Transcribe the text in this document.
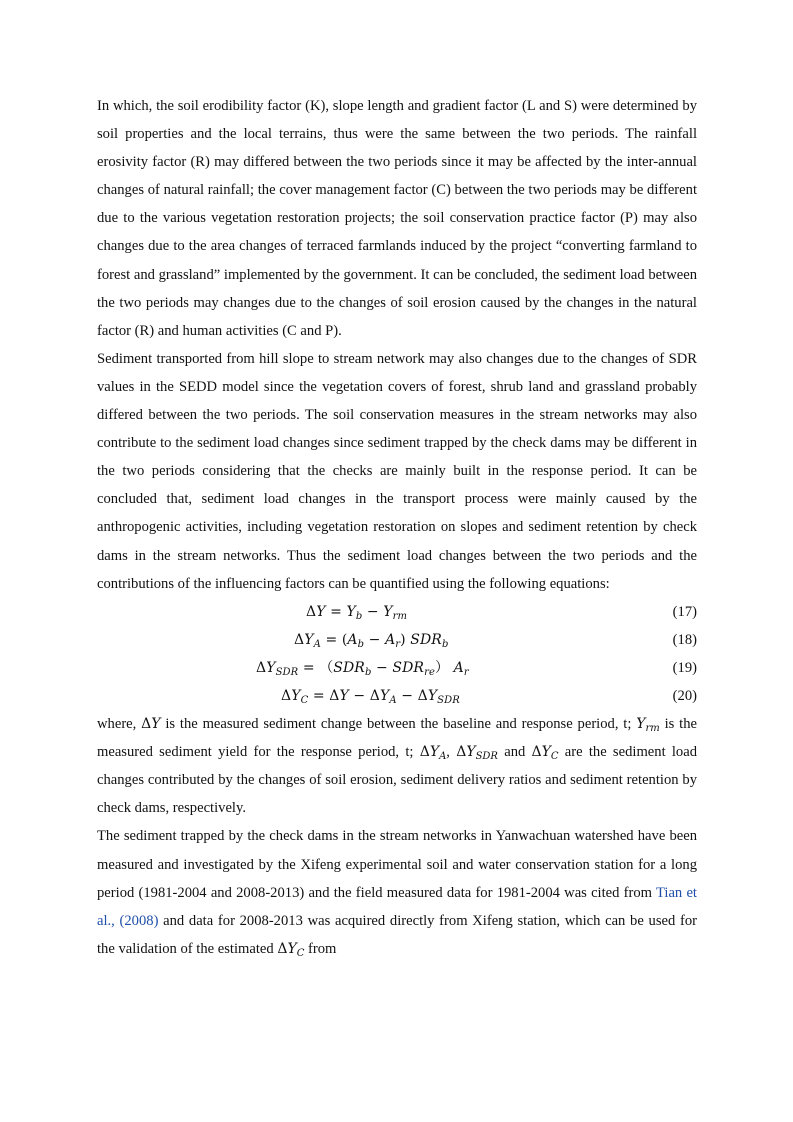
In which, the soil erodibility factor (K), slope length and gradient factor (L and S) were determined by soil properties and the local terrains, thus were the same between the two periods. The rainfall erosivity factor (R) may differed between the two periods since it may be affected by the inter-annual changes of natural rainfall; the cover management factor (C) between the two periods may be different due to the various vegetation restoration projects; the soil conservation practice factor (P) may also changes due to the area changes of terraced farmlands induced by the project “converting farmland to forest and grassland” implemented by the government. It can be concluded, the sediment load between the two periods may changes due to the changes of soil erosion caused by the changes in the natural factor (R) and human activities (C and P).

Sediment transported from hill slope to stream network may also changes due to the changes of SDR values in the SEDD model since the vegetation covers of forest, shrub land and grassland probably differed between the two periods. The soil conservation measures in the stream networks may also contribute to the sediment load changes since sediment trapped by the check dams may be different in the two periods considering that the checks are mainly built in the response period. It can be concluded that, sediment load changes in the transport process were mainly caused by the anthropogenic activities, including vegetation restoration on slopes and sediment retention by check dams in the stream networks. Thus the sediment load changes between the two periods and the contributions of the influencing factors can be quantified using the following equations:

$\Delta Y = Y_b - Y_{rm}$	(17)
$\Delta Y_A = (A_b - A_r)$ $SDR_b$	(18)
$\Delta Y_{SDR} = (SDR_b - SDR_{re})$ $A_r$	(19)
$\Delta Y_C = \Delta Y - \Delta Y_A - \Delta Y_{SDR}$	(20)

where, ΔY is the measured sediment change between the baseline and response period, t; $Y_{rm}$ is the measured sediment yield for the response period, t; $\Delta Y_A$, $\Delta Y_{SDR}$ and $\Delta Y_C$ are the sediment load changes contributed by the changes of soil erosion, sediment delivery ratios and sediment retention by check dams, respectively.

The sediment trapped by the check dams in the stream networks in Yanwachuan watershed have been measured and investigated by the Xifeng experimental soil and water conservation station for a long period (1981-2004 and 2008-2013) and the field measured data for 1981-2004 was cited from Tian et al., (2008) and data for 2008-2013 was acquired directly from Xifeng station, which can be used for the validation of the estimated $\Delta Y_C$ from
